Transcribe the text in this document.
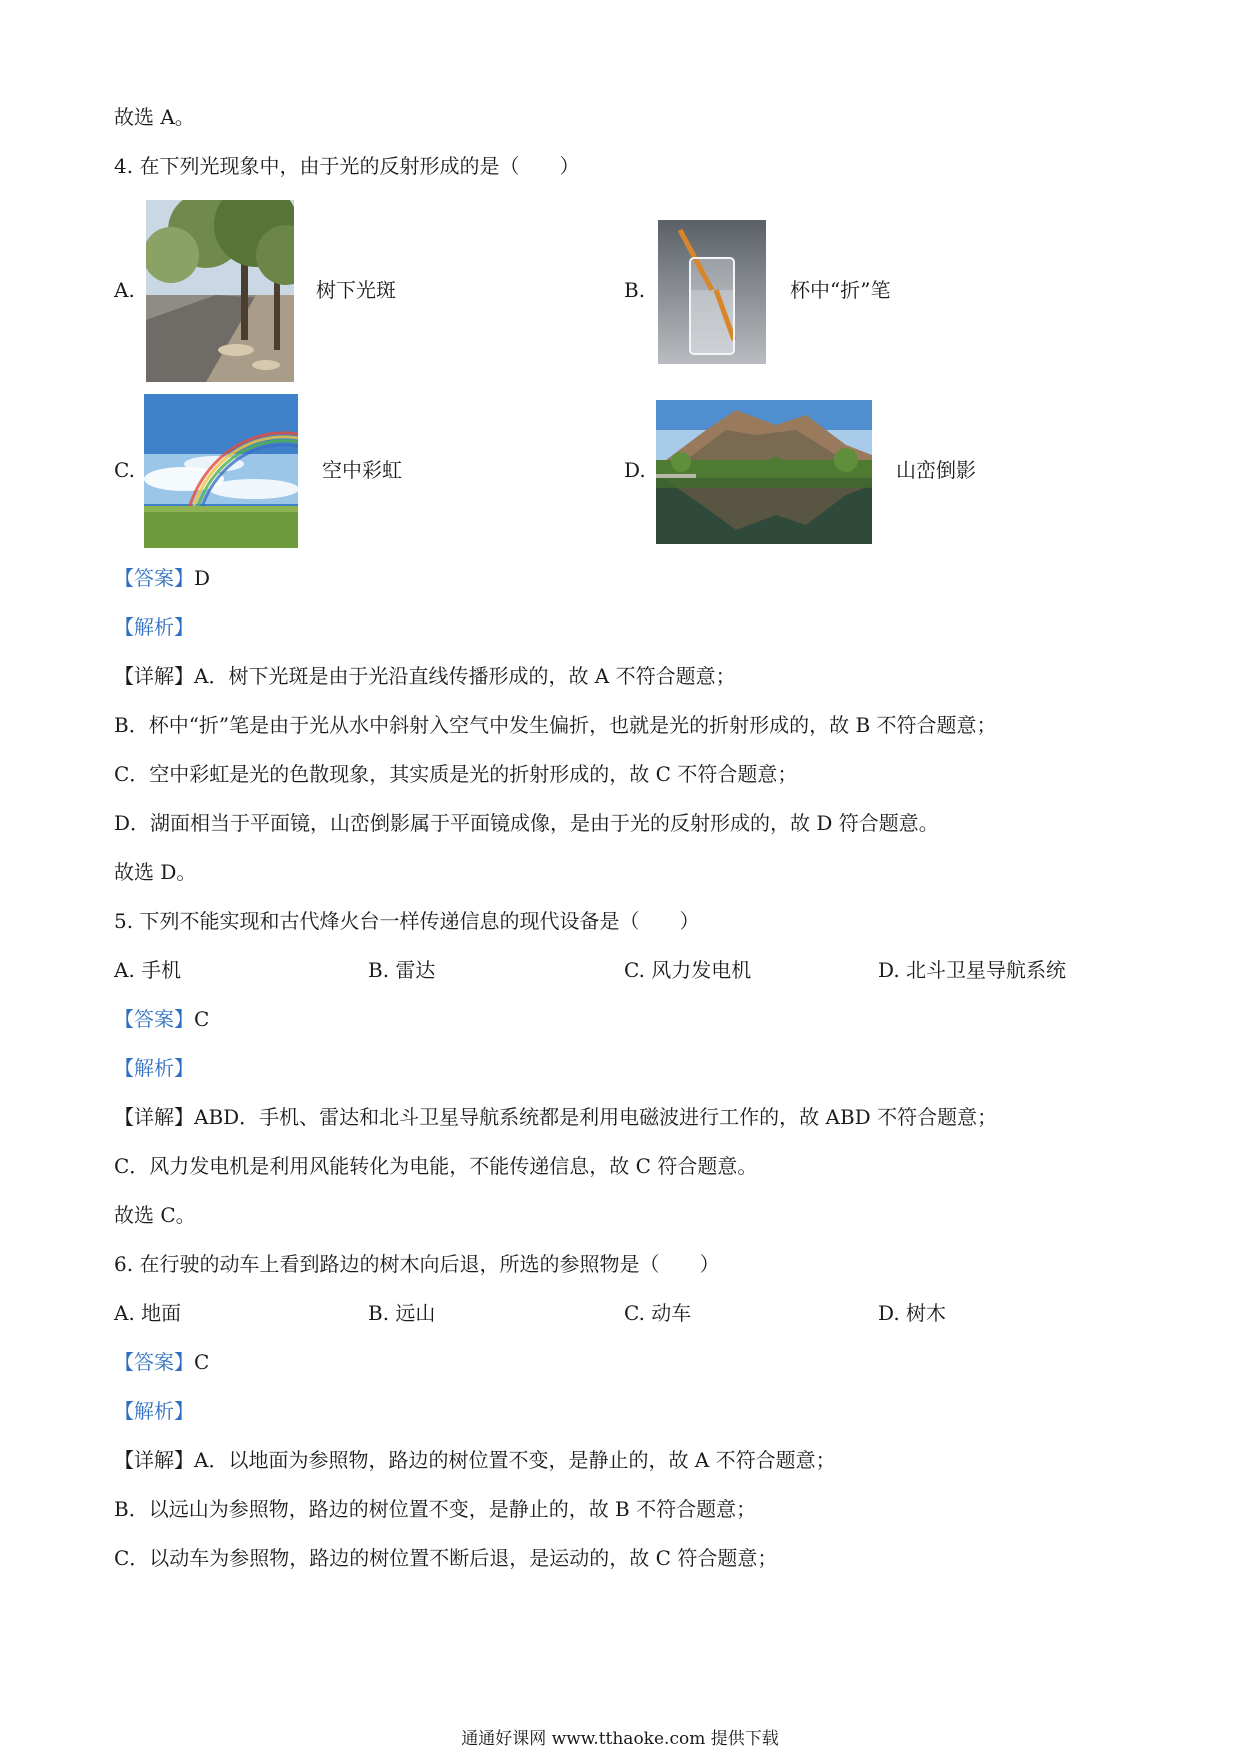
故选 A。
4. 在下列光现象中，由于光的反射形成的是（　　）
A.	树下光斑	B.	杯中“折”笔
C.	空中彩虹	D.	山峦倒影
【答案】D
【解析】
【详解】A．树下光斑是由于光沿直线传播形成的，故 A 不符合题意；
B．杯中“折”笔是由于光从水中斜射入空气中发生偏折，也就是光的折射形成的，故 B 不符合题意；
C．空中彩虹是光的色散现象，其实质是光的折射形成的，故 C 不符合题意；
D．湖面相当于平面镜，山峦倒影属于平面镜成像，是由于光的反射形成的，故 D 符合题意。
故选 D。
5. 下列不能实现和古代烽火台一样传递信息的现代设备是（　　）
A. 手机	B. 雷达	C. 风力发电机	D. 北斗卫星导航系统
【答案】C
【解析】
【详解】ABD．手机、雷达和北斗卫星导航系统都是利用电磁波进行工作的，故 ABD 不符合题意；
C．风力发电机是利用风能转化为电能，不能传递信息，故 C 符合题意。
故选 C。
6. 在行驶的动车上看到路边的树木向后退，所选的参照物是（　　）
A. 地面	B. 远山	C. 动车	D. 树木
【答案】C
【解析】
【详解】A．以地面为参照物，路边的树位置不变，是静止的，故 A 不符合题意；
B．以远山为参照物，路边的树位置不变，是静止的，故 B 不符合题意；
C．以动车为参照物，路边的树位置不断后退，是运动的，故 C 符合题意；
通通好课网 www.tthaoke.com 提供下载
